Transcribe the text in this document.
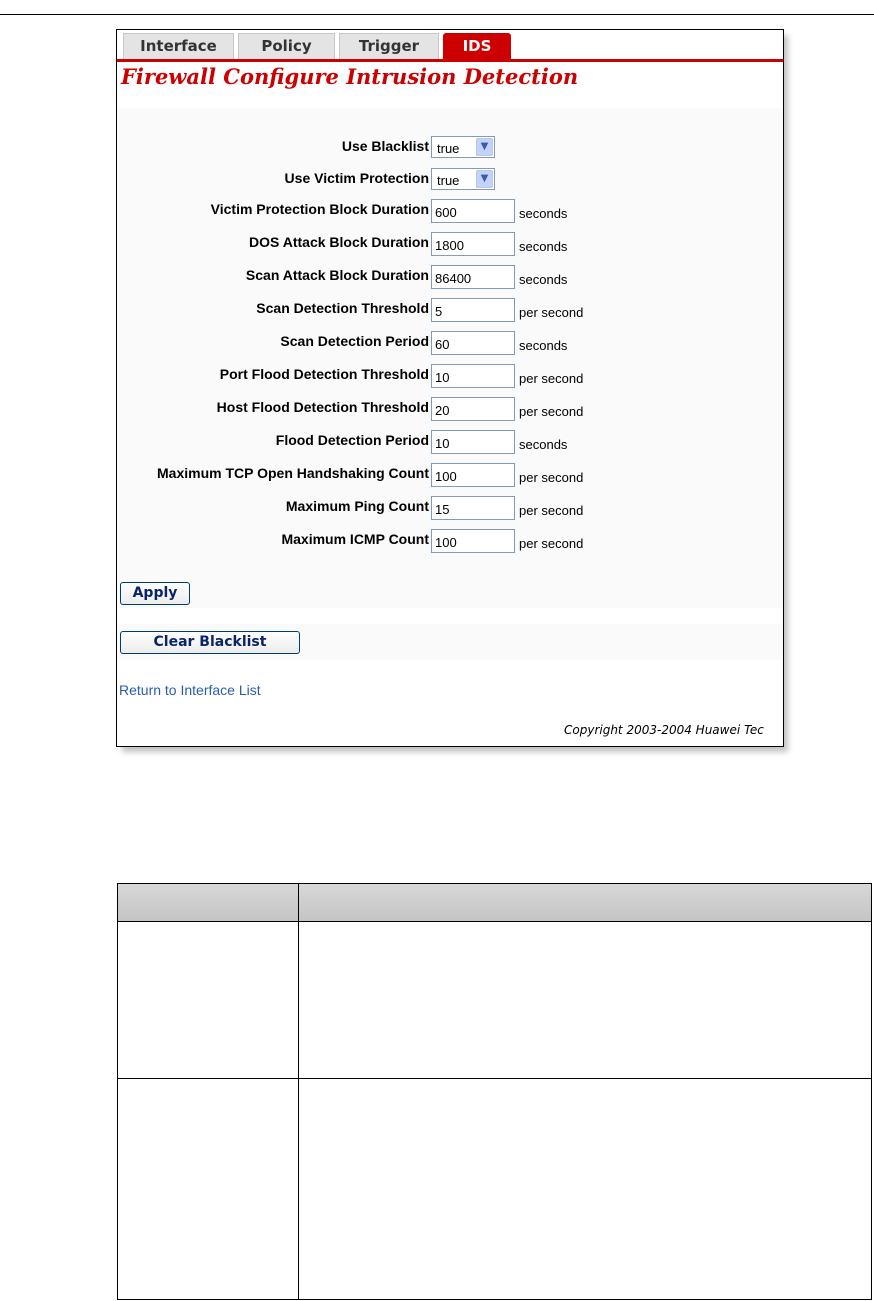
Interface	Policy	Trigger	IDS
Firewall Configure Intrusion Detection
Use Blacklist true	▼
Use Victim Protection true	▼
Victim Protection Block Duration 600	seconds
DOS Attack Block Duration 1800	seconds
Scan Attack Block Duration 86400	seconds
Scan Detection Threshold 5	per second
Scan Detection Period 60	seconds
Port Flood Detection Threshold 10	per second
Host Flood Detection Threshold 20	per second
Flood Detection Period 10	seconds
Maximum TCP Open Handshaking Count 100	per second
Maximum Ping Count 15	per second
Maximum ICMP Count 100	per second
Apply
Clear Blacklist
Return to Interface List
Copyright 2003-2004 Huawei Tec
